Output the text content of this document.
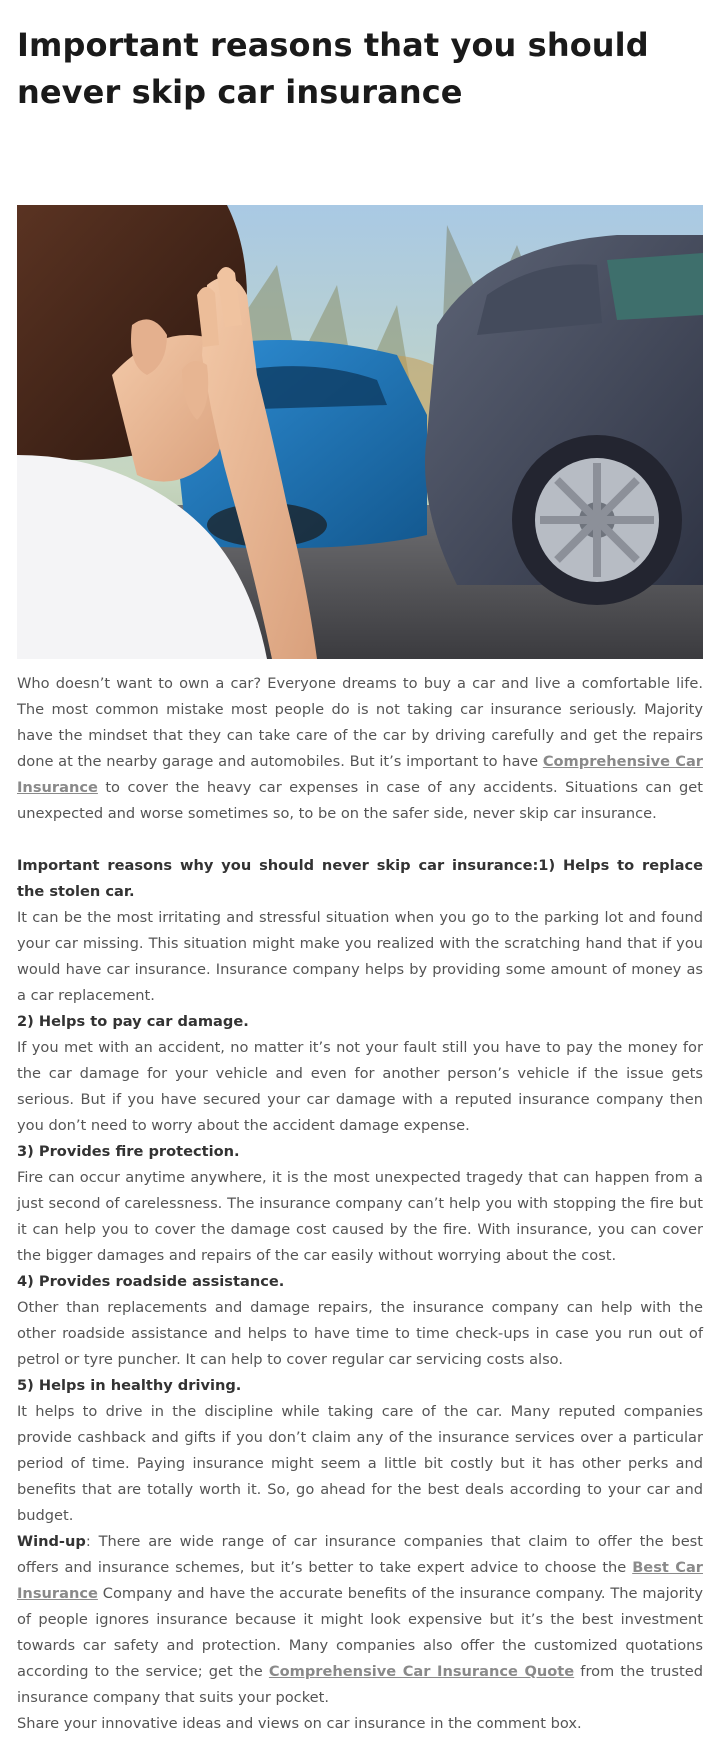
Important reasons that you should never skip car insurance

Who doesn’t want to own a car? Everyone dreams to buy a car and live a comfortable life. The most common mistake most people do is not taking car insurance seriously. Majority have the mindset that they can take care of the car by driving carefully and get the repairs done at the nearby garage and automobiles. But it’s important to have Comprehensive Car Insurance to cover the heavy car expenses in case of any accidents. Situations can get unexpected and worse sometimes so, to be on the safer side, never skip car insurance.

Important reasons why you should never skip car insurance:1) Helps to replace the stolen car.

It can be the most irritating and stressful situation when you go to the parking lot and found your car missing. This situation might make you realized with the scratching hand that if you would have car insurance. Insurance company helps by providing some amount of money as a car replacement.

2) Helps to pay car damage.

If you met with an accident, no matter it’s not your fault still you have to pay the money for the car damage for your vehicle and even for another person’s vehicle if the issue gets serious. But if you have secured your car damage with a reputed insurance company then you don’t need to worry about the accident damage expense.

3) Provides fire protection.

Fire can occur anytime anywhere, it is the most unexpected tragedy that can happen from a just second of carelessness. The insurance company can’t help you with stopping the fire but it can help you to cover the damage cost caused by the fire. With insurance, you can cover the bigger damages and repairs of the car easily without worrying about the cost.

4) Provides roadside assistance.

Other than replacements and damage repairs, the insurance company can help with the other roadside assistance and helps to have time to time check-ups in case you run out of petrol or tyre puncher. It can help to cover regular car servicing costs also.

5) Helps in healthy driving.

It helps to drive in the discipline while taking care of the car. Many reputed companies provide cashback and gifts if you don’t claim any of the insurance services over a particular period of time. Paying insurance might seem a little bit costly but it has other perks and benefits that are totally worth it. So, go ahead for the best deals according to your car and budget.

Wind-up: There are wide range of car insurance companies that claim to offer the best offers and insurance schemes, but it’s better to take expert advice to choose the Best Car Insurance Company and have the accurate benefits of the insurance company. The majority of people ignores insurance because it might look expensive but it’s the best investment towards car safety and protection. Many companies also offer the customized quotations according to the service; get the Comprehensive Car Insurance Quote from the trusted insurance company that suits your pocket.

Share your innovative ideas and views on car insurance in the comment box.
